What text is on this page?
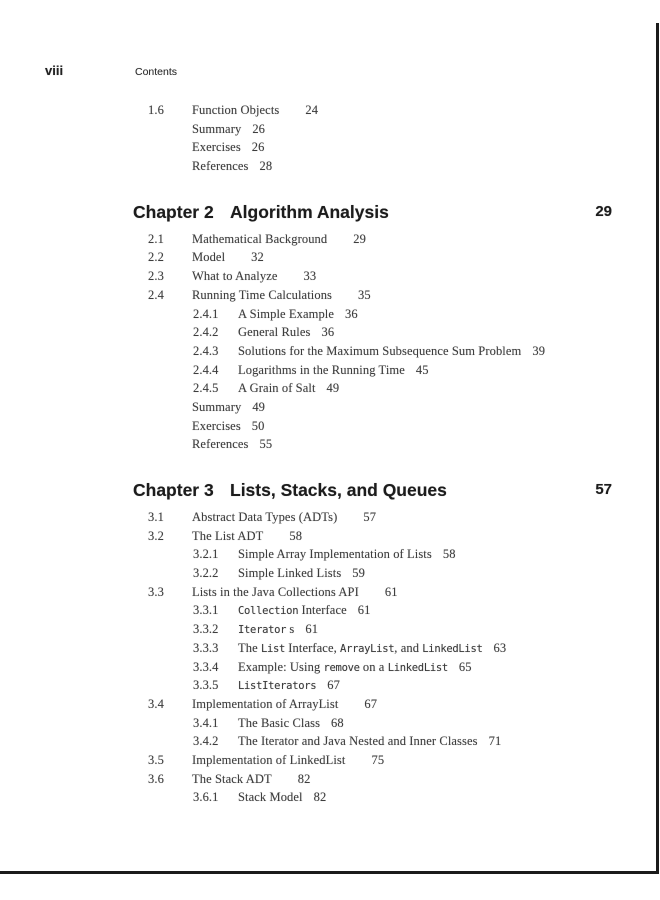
viii	Contents
1.6 Function Objects 24
Summary 26
Exercises 26
References 28
Chapter 2 Algorithm Analysis	29
2.1 Mathematical Background 29
2.2 Model 32
2.3 What to Analyze 33
2.4 Running Time Calculations 35
2.4.1 A Simple Example 36
2.4.2 General Rules 36
2.4.3 Solutions for the Maximum Subsequence Sum Problem 39
2.4.4 Logarithms in the Running Time 45
2.4.5 A Grain of Salt 49
Summary 49
Exercises 50
References 55
Chapter 3 Lists, Stacks, and Queues	57
3.1 Abstract Data Types (ADTs) 57
3.2 The List ADT 58
3.2.1 Simple Array Implementation of Lists 58
3.2.2 Simple Linked Lists 59
3.3 Lists in the Java Collections API 61
3.3.1 Collection Interface 61
3.3.2 Iterator s 61
3.3.3 The List Interface, ArrayList, and LinkedList 63
3.3.4 Example: Using remove on a LinkedList 65
3.3.5 ListIterators 67
3.4 Implementation of ArrayList 67
3.4.1 The Basic Class 68
3.4.2 The Iterator and Java Nested and Inner Classes 71
3.5 Implementation of LinkedList 75
3.6 The Stack ADT 82
3.6.1 Stack Model 82
